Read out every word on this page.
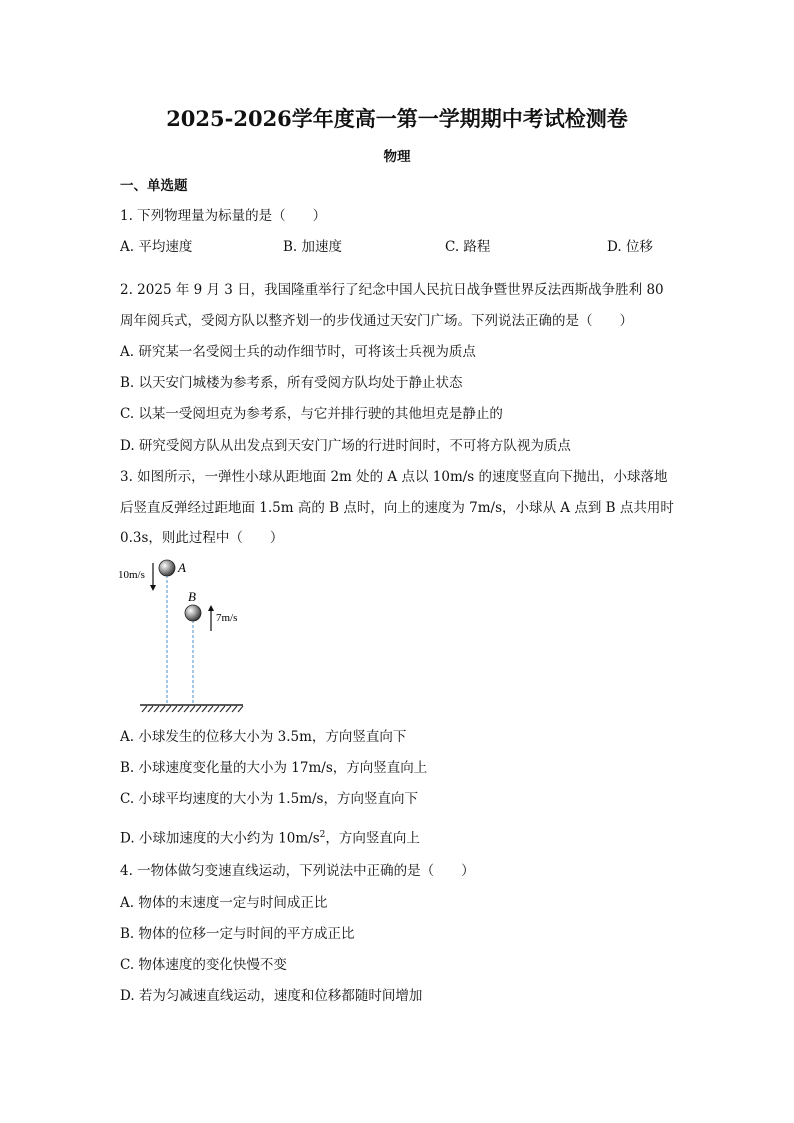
2025-2026学年度高一第一学期期中考试检测卷
物理
一、单选题
1. 下列物理量为标量的是（　　）
A. 平均速度	B. 加速度	C. 路程	D. 位移
2. 2025 年 9 月 3 日，我国隆重举行了纪念中国人民抗日战争暨世界反法西斯战争胜利 80
周年阅兵式，受阅方队以整齐划一的步伐通过天安门广场。下列说法正确的是（　　）
A. 研究某一名受阅士兵的动作细节时，可将该士兵视为质点
B. 以天安门城楼为参考系，所有受阅方队均处于静止状态
C. 以某一受阅坦克为参考系，与它并排行驶的其他坦克是静止的
D. 研究受阅方队从出发点到天安门广场的行进时间时，不可将方队视为质点
3. 如图所示，一弹性小球从距地面 2m 处的 A 点以 10m/s 的速度竖直向下抛出，小球落地
后竖直反弹经过距地面 1.5m 高的 B 点时，向上的速度为 7m/s，小球从 A 点到 B 点共用时
0.3s，则此过程中（　　）
A
10m/s
B
7m/s
A. 小球发生的位移大小为 3.5m，方向竖直向下
B. 小球速度变化量的大小为 17m/s，方向竖直向上
C. 小球平均速度的大小为 1.5m/s，方向竖直向下
D. 小球加速度的大小约为 $10m/s^2$，方向竖直向上
4. 一物体做匀变速直线运动，下列说法中正确的是（　　）
A. 物体的末速度一定与时间成正比
B. 物体的位移一定与时间的平方成正比
C. 物体速度的变化快慢不变
D. 若为匀减速直线运动，速度和位移都随时间增加
